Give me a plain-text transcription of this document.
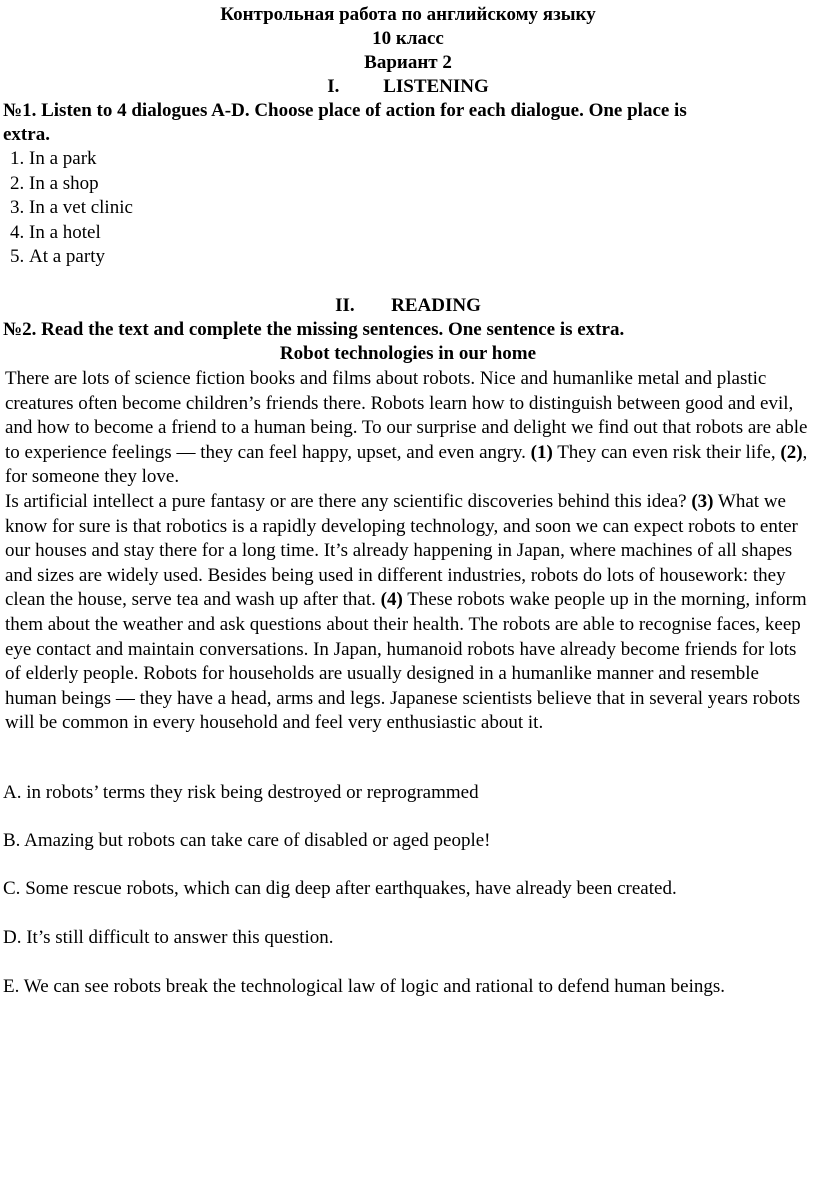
Контрольная работа по английскому языку

10 класс

Вариант 2

I. LISTENING

№1. Listen to 4 dialogues A-D. Choose place of action for each dialogue. One place is

extra.

1. In a park
2. In a shop
3. In a vet clinic
4. In a hotel
5. At a party

II. READING

№2. Read the text and complete the missing sentences. One sentence is extra.

Robot technologies in our home

There are lots of science fiction books and films about robots. Nice and humanlike metal and plastic creatures often become children’s friends there. Robots learn how to distinguish between good and evil, and how to become a friend to a human being. To our surprise and delight we find out that robots are able to experience feelings — they can feel happy, upset, and even angry. (1) They can even risk their life, (2), for someone they love.

Is artificial intellect a pure fantasy or are there any scientific discoveries behind this idea? (3) What we know for sure is that robotics is a rapidly developing technology, and soon we can expect robots to enter our houses and stay there for a long time. It’s already happening in Japan, where machines of all shapes and sizes are widely used. Besides being used in different industries, robots do lots of housework: they clean the house, serve tea and wash up after that. (4) These robots wake people up in the morning, inform them about the weather and ask questions about their health. The robots are able to recognise faces, keep eye contact and maintain conversations. In Japan, humanoid robots have already become friends for lots of elderly people. Robots for households are usually designed in a humanlike manner and resemble human beings — they have a head, arms and legs. Japanese scientists believe that in several years robots will be common in every household and feel very enthusiastic about it.

A. in robots’ terms they risk being destroyed or reprogrammed

B. Amazing but robots can take care of disabled or aged people!

C. Some rescue robots, which can dig deep after earthquakes, have already been created.

D. It’s still difficult to answer this question.

E. We can see robots break the technological law of logic and rational to defend human beings.
